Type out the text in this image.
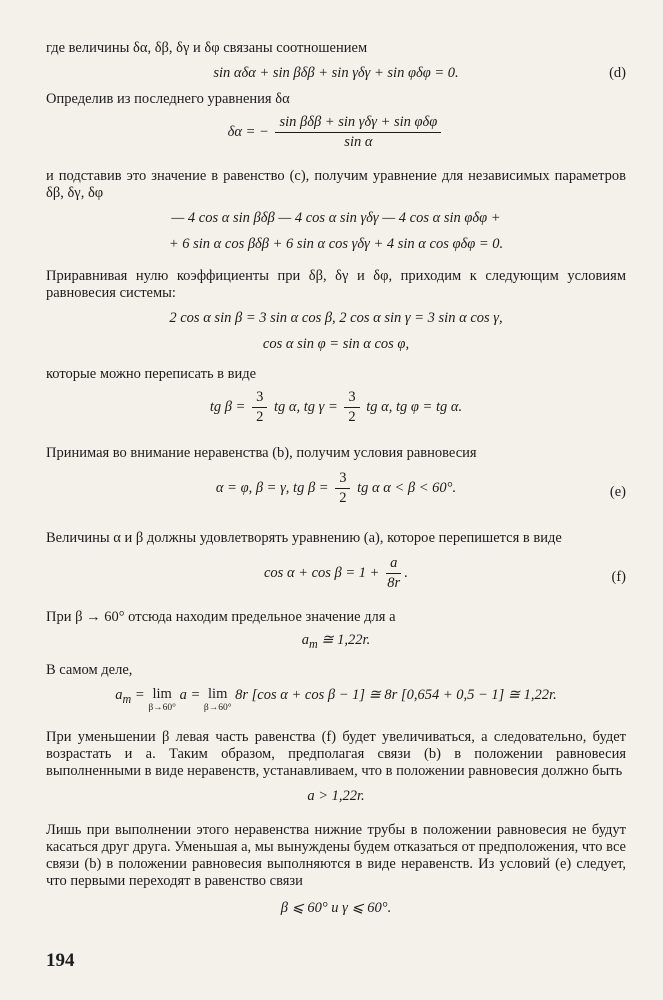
где величины δα, δβ, δγ и δφ связаны соотношением

sin αδα + sin βδβ + sin γδγ + sin φδφ = 0.	(d)

Определив из последнего уравнения δα

δα = − $\frac{\text{sin βδβ + sin γδγ + sin φδφ}}{\text{sin α}}$

и подставив это значение в равенство (с), получим уравнение для независимых параметров δβ, δγ, δφ

— 4 cos α sin βδβ — 4 cos α sin γδγ — 4 cos α sin φδφ +
+ 6 sin α cos βδβ + 6 sin α cos γδγ + 4 sin α cos φδφ = 0.

Приравнивая нулю коэффициенты при δβ, δγ и δφ, приходим к следующим условиям равновесия системы:

2 cos α sin β = 3 sin α cos β, 2 cos α sin γ = 3 sin α cos γ,
cos α sin φ = sin α cos φ,

которые можно переписать в виде

tg $\beta = \frac{3}{2}$ tg α, tg $\gamma = \frac{3}{2}$ tg α, tg φ = tg α.

Принимая во внимание неравенства (b), получим условия равновесия

α = φ, β = γ, tg $\beta = \frac{3}{2}$ tg α α < β < 60°.	(e)

Величины α и β должны удовлетворять уравнению (а), которое перепишется в виде

$\cos \alpha + \cos \beta = 1 + \frac{a}{8r}$ .	(f)

При β → 60° отсюда находим предельное значение для a

$a_m$ ≅ 1,22r.

В самом деле,

$a_m = \lim$
β→60°
a = lim
β→60°
8r [cos α + cos β − 1] ≅ 8r [0,654 + 0,5 − 1] ≅ 1,22r.

При уменьшении β левая часть равенства (f) будет увеличиваться, а следовательно, будет возрастать и a. Таким образом, предполагая связи (b) в положении равновесия выполненными в виде неравенств, устанавливаем, что в положении равновесия должно быть

a > 1,22r.

Лишь при выполнении этого неравенства нижние трубы в положении равновесия не будут касаться друг друга. Уменьшая a, мы вынуждены будем отказаться от предположения, что все связи (b) в положении равновесия выполняются в виде неравенств. Из условий (е) следует, что первыми переходят в равенство связи

β ⩽ 60° и γ ⩽ 60°.
194
